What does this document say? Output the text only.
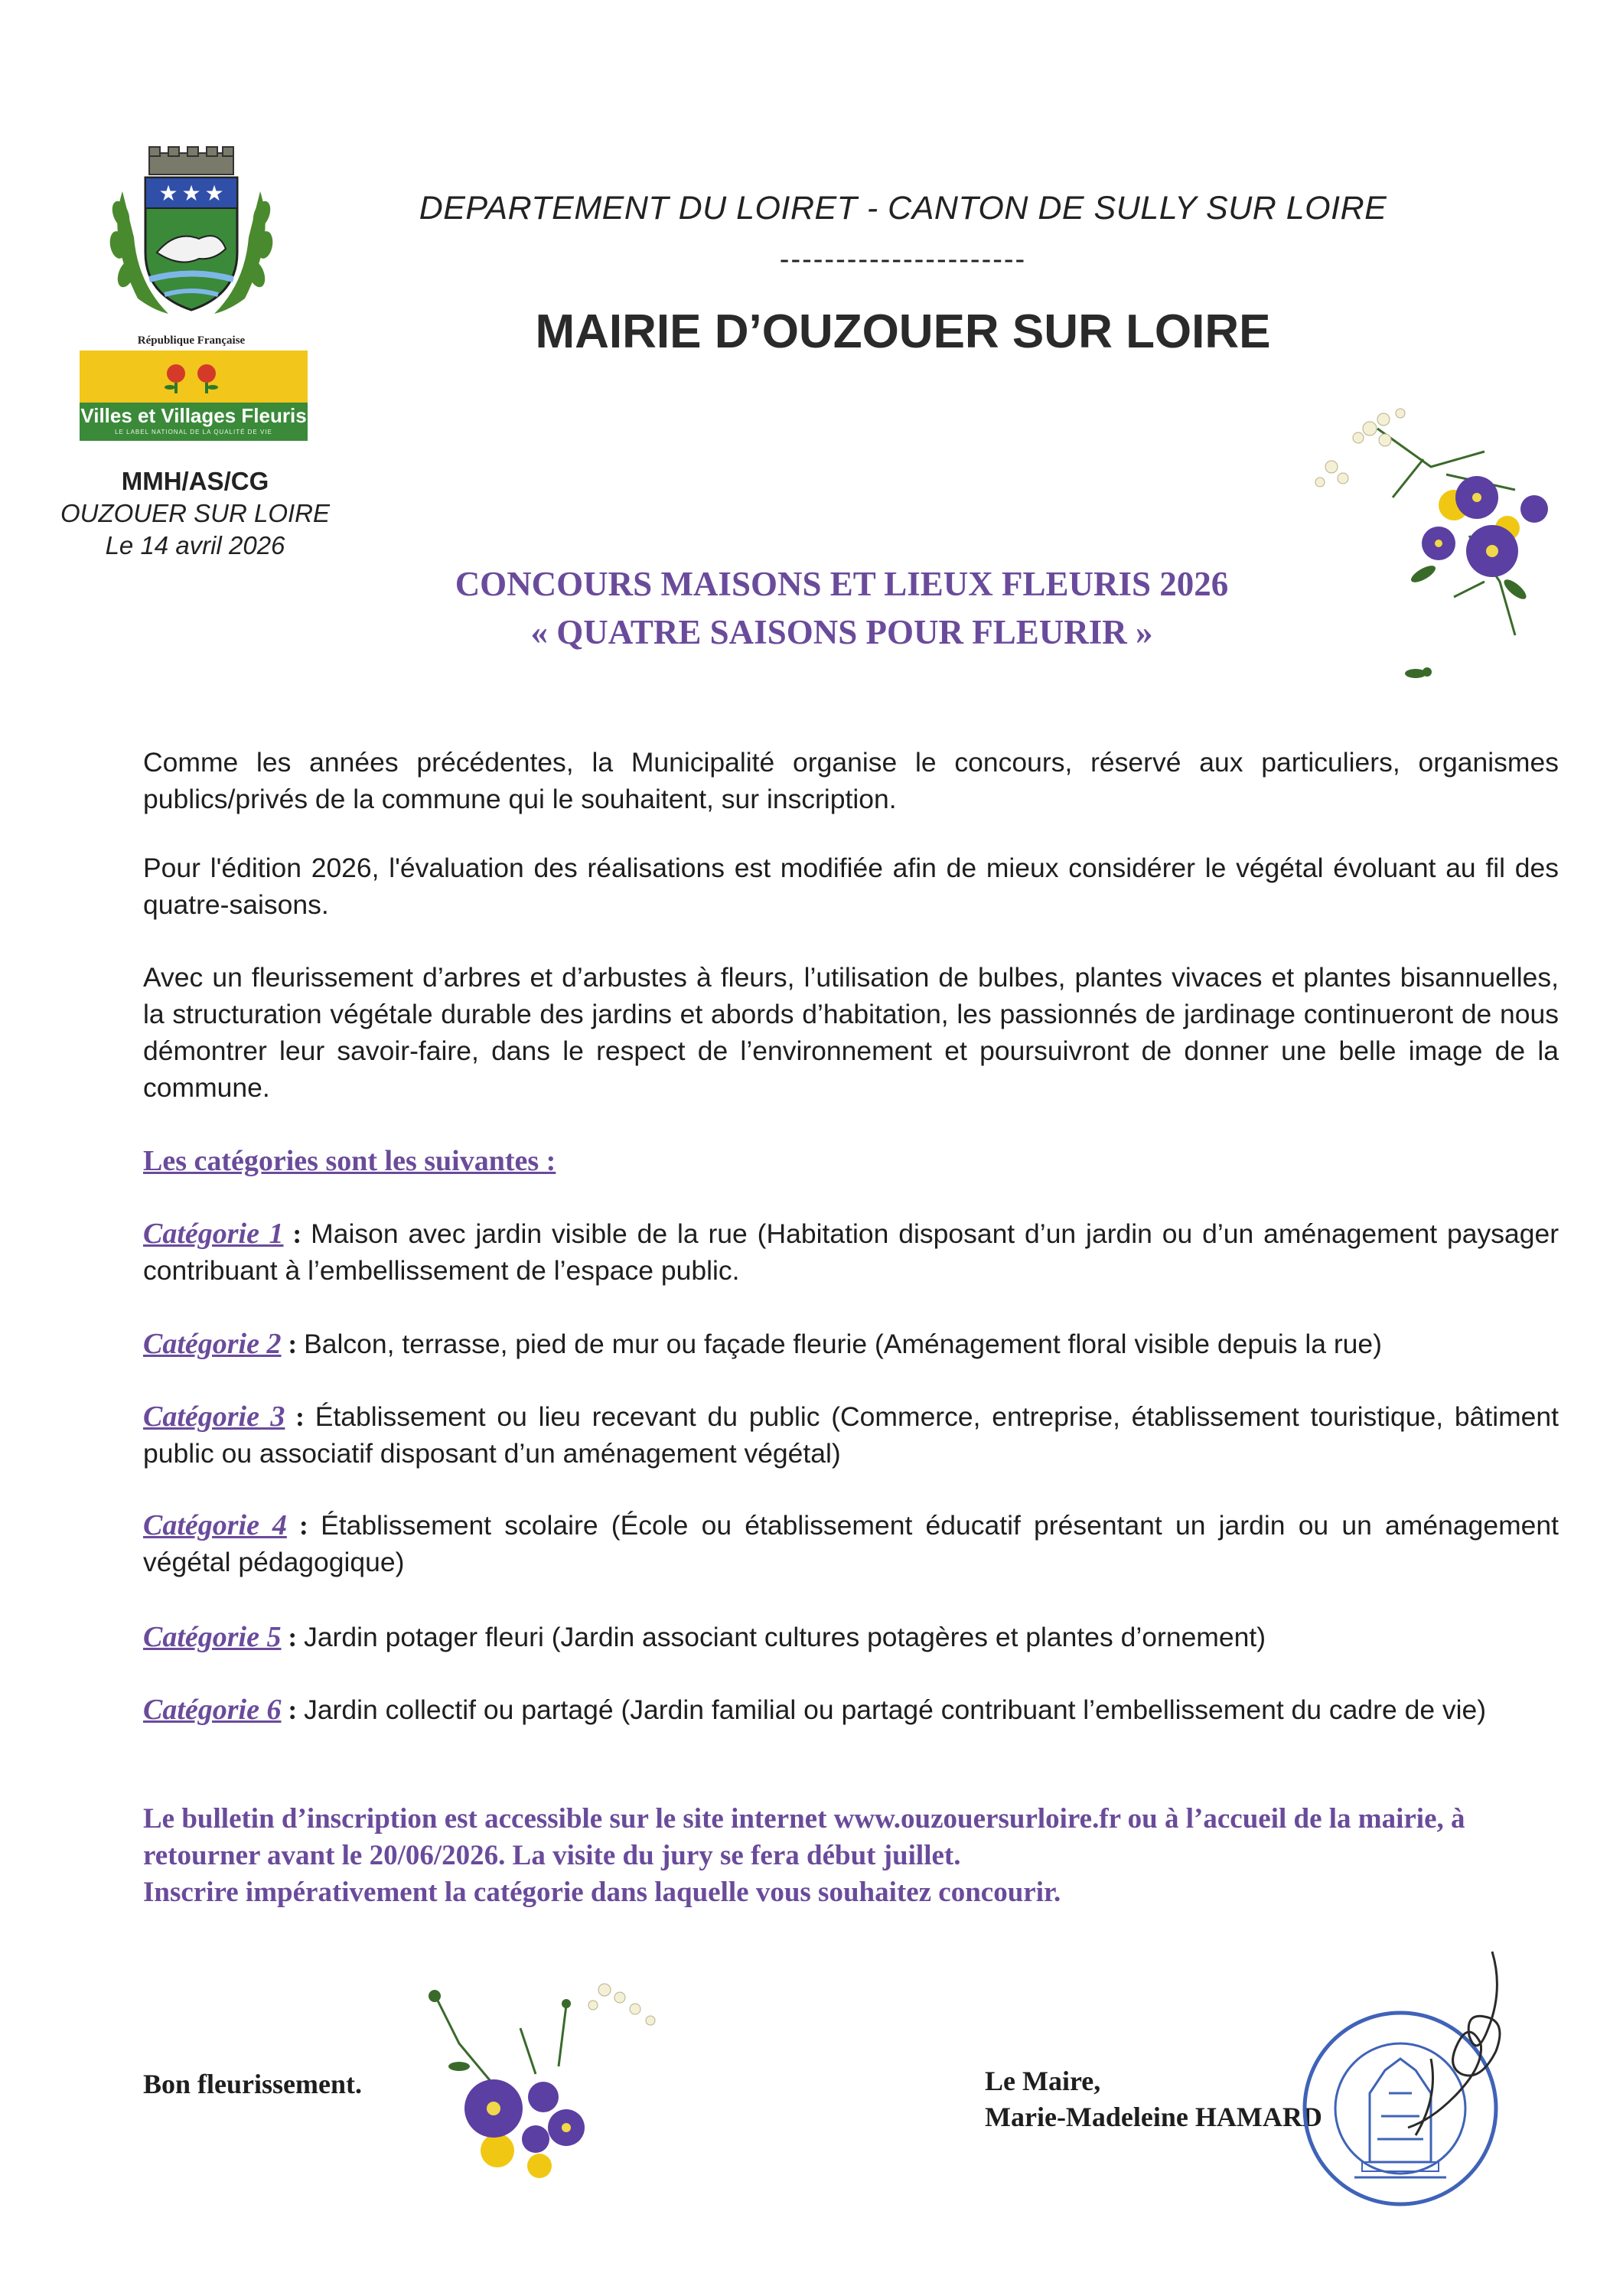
★ ★ ★
République Française
Villes et Villages Fleuris
LE LABEL NATIONAL DE LA QUALITÉ DE VIE
DEPARTEMENT DU LOIRET - CANTON DE SULLY SUR LOIRE
----------------------
MAIRIE D’OUZOUER SUR LOIRE
MMH/AS/CG
OUZOUER SUR LOIRE
Le 14 avril 2026
CONCOURS MAISONS ET LIEUX FLEURIS 2026
« QUATRE SAISONS POUR FLEURIR »
Comme les années précédentes, la Municipalité organise le concours, réservé aux particuliers, organismes publics/privés de la commune qui le souhaitent, sur inscription.
Pour l'édition 2026, l'évaluation des réalisations est modifiée afin de mieux considérer le végétal évoluant au fil des quatre-saisons.
Avec un fleurissement d’arbres et d’arbustes à fleurs, l’utilisation de bulbes, plantes vivaces et plantes bisannuelles, la structuration végétale durable des jardins et abords d’habitation, les passionnés de jardinage continueront de nous démontrer leur savoir-faire, dans le respect de l’environnement et poursuivront de donner une belle image de la commune.
Les catégories sont les suivantes :
Catégorie 1 : Maison avec jardin visible de la rue (Habitation disposant d’un jardin ou d’un aménagement paysager contribuant à l’embellissement de l’espace public.
Catégorie 2 : Balcon, terrasse, pied de mur ou façade fleurie (Aménagement floral visible depuis la rue)
Catégorie 3 : Établissement ou lieu recevant du public (Commerce, entreprise, établissement touristique, bâtiment public ou associatif disposant d’un aménagement végétal)
Catégorie 4 : Établissement scolaire (École ou établissement éducatif présentant un jardin ou un aménagement végétal pédagogique)
Catégorie 5 : Jardin potager fleuri (Jardin associant cultures potagères et plantes d’ornement)
Catégorie 6 : Jardin collectif ou partagé (Jardin familial ou partagé contribuant l’embellissement du cadre de vie)
Le bulletin d’inscription est accessible sur le site internet www.ouzouersurloire.fr ou à l’accueil de la mairie, à retourner avant le 20/06/2026. La visite du jury se fera début juillet.
Inscrire impérativement la catégorie dans laquelle vous souhaitez concourir.
Bon fleurissement.	Le Maire,
Marie-Madeleine HAMARD
